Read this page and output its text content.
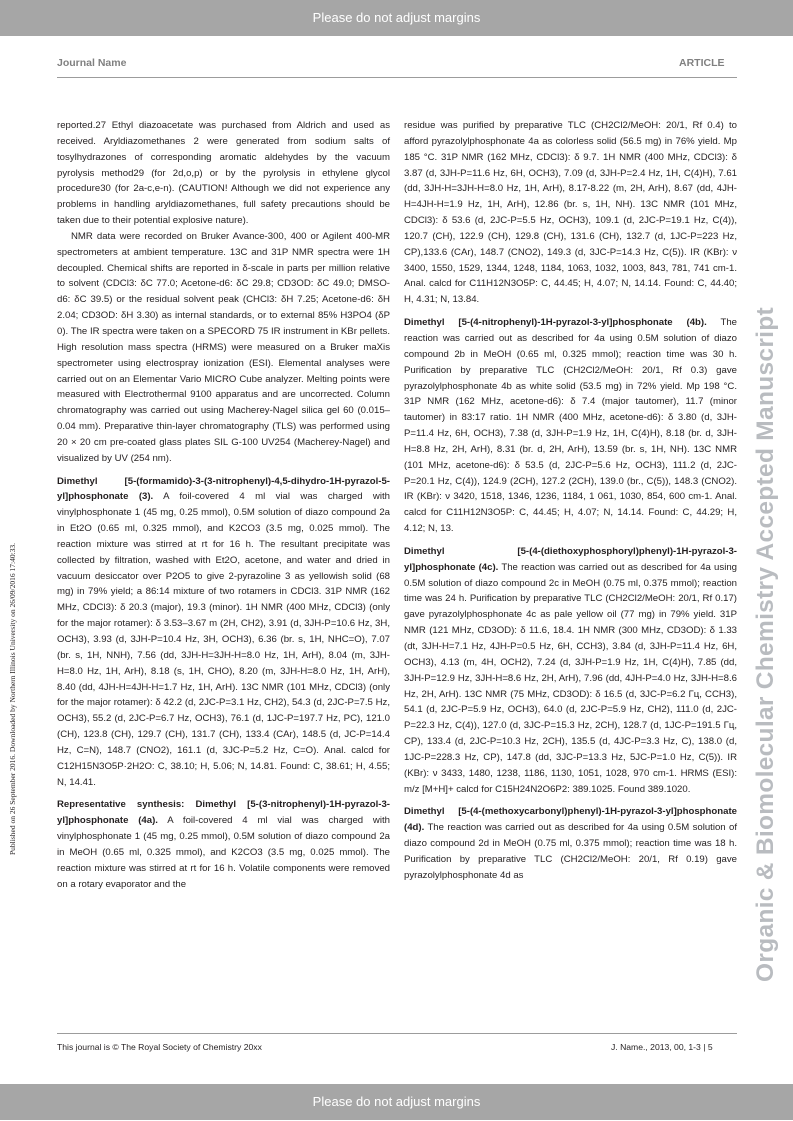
Please do not adjust margins
Journal Name	ARTICLE
Published on 26 September 2016. Downloaded by Northern Illinois University on 26/09/2016 17:40:33.	Organic & Biomolecular Chemistry Accepted Manuscript

reported.27 Ethyl diazoacetate was purchased from Aldrich and used as received. Aryldiazomethanes 2 were generated from sodium salts of tosylhydrazones of corresponding aromatic aldehydes by the vacuum pyrolysis method29 (for 2d,o,p) or by the pyrolysis in ethylene glycol procedure30 (for 2a-c,e-n). (CAUTION! Although we did not experience any problems in handling aryldiazomethanes, full safety precautions should be taken due to their potential explosive nature).

NMR data were recorded on Bruker Avance-300, 400 or Agilent 400-MR spectrometers at ambient temperature. 13C and 31P NMR spectra were 1H decoupled. Chemical shifts are reported in δ-scale in parts per million relative to solvent (CDCl3: δC 77.0; Acetone-d6: δC 29.8; CD3OD: δC 49.0; DMSO-d6: δC 39.5) or the residual solvent peak (CHCl3: δH 7.25; Acetone-d6: δH 2.04; CD3OD: δH 3.30) as internal standards, or to external 85% H3PO4 (δP 0). The IR spectra were taken on a SPECORD 75 IR instrument in KBr pellets. High resolution mass spectra (HRMS) were measured on a Bruker maXis spectrometer using electrospray ionization (ESI). Elemental analyses were carried out on an Elementar Vario MICRO Cube analyzer. Melting points were measured with Electrothermal 9100 apparatus and are uncorrected. Column chromatography was carried out using Macherey-Nagel silica gel 60 (0.015–0.04 mm). Preparative thin-layer chromatography (TLS) was performed using 20 × 20 cm pre-coated glass plates SIL G-100 UV254 (Macherey-Nagel) and visualized by UV (254 nm).

Dimethyl [5-(formamido)-3-(3-nitrophenyl)-4,5-dihydro-1H-pyrazol-5-yl]phosphonate (3). A foil-covered 4 ml vial was charged with vinylphosphonate 1 (45 mg, 0.25 mmol), 0.5M solution of diazo compound 2a in Et2O (0.65 ml, 0.325 mmol), and K2CO3 (3.5 mg, 0.025 mmol). The reaction mixture was stirred at rt for 16 h. The resultant precipitate was collected by filtration, washed with Et2O, acetone, and water and dried in vacuum desiccator over P2O5 to give 2-pyrazoline 3 as yellowish solid (68 mg) in 79% yield; a 86:14 mixture of two rotamers in CDCl3. 31P NMR (162 MHz, CDCl3): δ 20.3 (major), 19.3 (minor). 1H NMR (400 MHz, CDCl3) (only for the major rotamer): δ 3.53–3.67 m (2H, CH2), 3.91 (d, 3JH-P=10.6 Hz, 3H, OCH3), 3.93 (d, 3JH-P=10.4 Hz, 3H, OCH3), 6.36 (br. s, 1H, NHC=O), 7.07 (br. s, 1H, NNH), 7.56 (dd, 3JH-H=3JH-H=8.0 Hz, 1H, ArH), 8.04 (m, 3JH-H=8.0 Hz, 1H, ArH), 8.18 (s, 1H, CHO), 8.20 (m, 3JH-H=8.0 Hz, 1H, ArH), 8.40 (dd, 4JH-H=4JH-H=1.7 Hz, 1H, ArH). 13C NMR (101 MHz, CDCl3) (only for the major rotamer): δ 42.2 (d, 2JC-P=3.1 Hz, CH2), 54.3 (d, 2JC-P=7.5 Hz, OCH3), 55.2 (d, 2JC-P=6.7 Hz, OCH3), 76.1 (d, 1JC-P=197.7 Hz, PC), 121.0 (CH), 123.8 (CH), 129.7 (CH), 131.7 (CH), 133.4 (CAr), 148.5 (d, JC-P=14.4 Hz, C=N), 148.7 (CNO2), 161.1 (d, 3JC-P=5.2 Hz, C=O). Anal. calcd for C12H15N3O5P·2H2O: C, 38.10; H, 5.06; N, 14.81. Found: C, 38.61; H, 4.55; N, 14.41.

Representative synthesis: Dimethyl [5-(3-nitrophenyl)-1H-pyrazol-3-yl]phosphonate (4a). A foil-covered 4 ml vial was charged with vinylphosphonate 1 (45 mg, 0.25 mmol), 0.5M solution of diazo compound 2a in MeOH (0.65 ml, 0.325 mmol), and K2CO3 (3.5 mg, 0.025 mmol). The reaction mixture was stirred at rt for 16 h. Volatile components were removed on a rotary evaporator and the

residue was purified by preparative TLC (CH2Cl2/MeOH: 20/1, Rf 0.4) to afford pyrazolylphosphonate 4a as colorless solid (56.5 mg) in 76% yield. Mp 185 °C. 31P NMR (162 MHz, CDCl3): δ 9.7. 1H NMR (400 MHz, CDCl3): δ 3.87 (d, 3JH-P=11.6 Hz, 6H, OCH3), 7.09 (d, 3JH-P=2.4 Hz, 1H, C(4)H), 7.61 (dd, 3JH-H=3JH-H=8.0 Hz, 1H, ArH), 8.17-8.22 (m, 2H, ArH), 8.67 (dd, 4JH-H=4JH-H=1.9 Hz, 1H, ArH), 12.86 (br. s, 1H, NH). 13C NMR (101 MHz, CDCl3): δ 53.6 (d, 2JC-P=5.5 Hz, OCH3), 109.1 (d, 2JC-P=19.1 Hz, C(4)), 120.7 (CH), 122.9 (CH), 129.8 (CH), 131.6 (CH), 132.7 (d, 1JC-P=223 Hz, CP),133.6 (CAr), 148.7 (CNO2), 149.3 (d, 3JC-P=14.3 Hz, C(5)). IR (KBr): ν 3400, 1550, 1529, 1344, 1248, 1184, 1063, 1032, 1003, 843, 781, 741 cm-1. Anal. calcd for C11H12N3O5P: C, 44.45; H, 4.07; N, 14.14. Found: C, 44.40; H, 4.31; N, 13.84.

Dimethyl [5-(4-nitrophenyl)-1H-pyrazol-3-yl]phosphonate (4b). The reaction was carried out as described for 4a using 0.5M solution of diazo compound 2b in MeOH (0.65 ml, 0.325 mmol); reaction time was 30 h. Purification by preparative TLC (CH2Cl2/MeOH: 20/1, Rf 0.3) gave pyrazolylphosphonate 4b as white solid (53.5 mg) in 72% yield. Mp 198 °C. 31P NMR (162 MHz, acetone-d6): δ 7.4 (major tautomer), 11.7 (minor tautomer) in 83:17 ratio. 1H NMR (400 MHz, acetone-d6): δ 3.80 (d, 3JH-P=11.4 Hz, 6H, OCH3), 7.38 (d, 3JH-P=1.9 Hz, 1H, C(4)H), 8.18 (br. d, 3JH-H=8.8 Hz, 2H, ArH), 8.31 (br. d, 2H, ArH), 13.59 (br. s, 1H, NH). 13C NMR (101 MHz, acetone-d6): δ 53.5 (d, 2JC-P=5.6 Hz, OCH3), 111.2 (d, 2JC-P=20.1 Hz, C(4)), 124.9 (2CH), 127.2 (2CH), 139.0 (br., C(5)), 148.3 (CNO2). IR (KBr): ν 3420, 1518, 1346, 1236, 1184, 1 061, 1030, 854, 600 cm-1. Anal. calcd for C11H12N3O5P: C, 44.45; H, 4.07; N, 14.14. Found: C, 44.29; H, 4.12; N, 13.

Dimethyl [5-(4-(diethoxyphosphoryl)phenyl)-1H-pyrazol-3-yl]phosphonate (4c). The reaction was carried out as described for 4a using 0.5M solution of diazo compound 2c in MeOH (0.75 ml, 0.375 mmol); reaction time was 24 h. Purification by preparative TLC (CH2Cl2/MeOH: 20/1, Rf 0.17) gave pyrazolylphosphonate 4c as pale yellow oil (77 mg) in 79% yield. 31P NMR (121 MHz, CD3OD): δ 11.6, 18.4. 1H NMR (300 MHz, CD3OD): δ 1.33 (dt, 3JH-H=7.1 Hz, 4JH-P=0.5 Hz, 6H, CCH3), 3.84 (d, 3JH-P=11.4 Hz, 6H, OCH3), 4.13 (m, 4H, OCH2), 7.24 (d, 3JH-P=1.9 Hz, 1H, C(4)H), 7.85 (dd, 3JH-P=12.9 Hz, 3JH-H=8.6 Hz, 2H, ArH), 7.96 (dd, 4JH-P=4.0 Hz, 3JH-H=8.6 Hz, 2H, ArH). 13C NMR (75 MHz, CD3OD): δ 16.5 (d, 3JC-P=6.2 Гц, CCH3), 54.1 (d, 2JC-P=5.9 Hz, OCH3), 64.0 (d, 2JC-P=5.9 Hz, CH2), 111.0 (d, 2JC-P=22.3 Hz, C(4)), 127.0 (d, 3JC-P=15.3 Hz, 2CH), 128.7 (d, 1JC-P=191.5 Гц, CP), 133.4 (d, 2JC-P=10.3 Hz, 2CH), 135.5 (d, 4JC-P=3.3 Hz, C), 138.0 (d, 1JC-P=228.3 Hz, CP), 147.8 (dd, 3JC-P=13.3 Hz, 5JC-P=1.0 Hz, C(5)). IR (KBr): ν 3433, 1480, 1238, 1186, 1130, 1051, 1028, 970 cm-1. HRMS (ESI): m/z [M+H]+ calcd for C15H24N2O6P2: 389.1025. Found 389.1020.

Dimethyl [5-(4-(methoxycarbonyl)phenyl)-1H-pyrazol-3-yl]phosphonate (4d). The reaction was carried out as described for 4a using 0.5M solution of diazo compound 2d in MeOH (0.75 ml, 0.375 mmol); reaction time was 18 h. Purification by preparative TLC (CH2Cl2/MeOH: 20/1, Rf 0.19) gave pyrazolylphosphonate 4d as

This journal is © The Royal Society of Chemistry 20xx	J. Name., 2013, 00, 1-3 | 5
Please do not adjust margins
